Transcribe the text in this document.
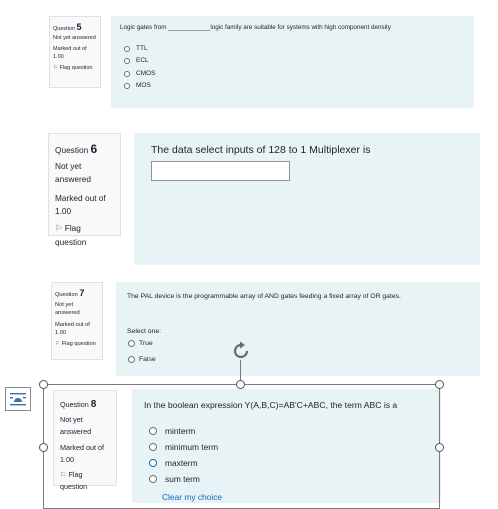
Question 5
Not yet answered
Marked out of 1.00
⚐ Flag question
Logic gates from ____________logic family are suitable for systems with high component density
TTL
ECL
CMOS
MOS
Question 6
Not yet answered
Marked out of 1.00
⚐ Flag question
The data select inputs of 128 to 1 Multiplexer is
Question 7
Not yet answered
Marked out of 1.00
⚐ Flag question
The PAL device is the programmable array of AND gates feeding a fixed array of OR gates.
Select one:
True
False
In the boolean expression Y(A,B,C)=AB'C+ABC, the term ABC is a
minterm
minimum term
maxterm
sum term
Clear my choice
Question 8
Not yet answered
Marked out of 1.00
⚐ Flag question
